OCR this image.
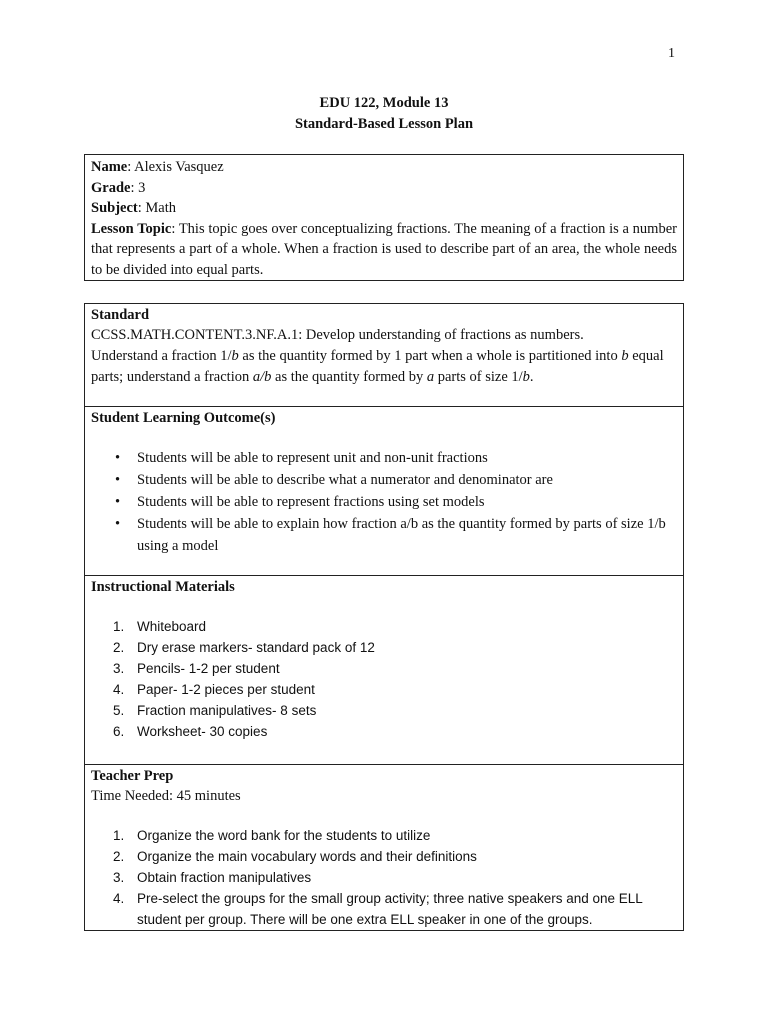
1
EDU 122, Module 13
Standard-Based Lesson Plan
Name: Alexis Vasquez
Grade: 3
Subject: Math
Lesson Topic: This topic goes over conceptualizing fractions. The meaning of a fraction is a number that represents a part of a whole. When a fraction is used to describe part of an area, the whole needs to be divided into equal parts.
Standard
CCSS.MATH.CONTENT.3.NF.A.1: Develop understanding of fractions as numbers.
Understand a fraction 1/b as the quantity formed by 1 part when a whole is partitioned into b equal parts; understand a fraction a/b as the quantity formed by a parts of size 1/b.
Student Learning Outcome(s)
• Students will be able to represent unit and non-unit fractions
• Students will be able to describe what a numerator and denominator are
• Students will be able to represent fractions using set models
• Students will be able to explain how fraction a/b as the quantity formed by parts of size 1/b using a model
Instructional Materials
1. Whiteboard
2. Dry erase markers- standard pack of 12
3. Pencils- 1-2 per student
4. Paper- 1-2 pieces per student
5. Fraction manipulatives- 8 sets
6. Worksheet- 30 copies
Teacher Prep
Time Needed: 45 minutes
1. Organize the word bank for the students to utilize
2. Organize the main vocabulary words and their definitions
3. Obtain fraction manipulatives
4. Pre-select the groups for the small group activity; three native speakers and one ELL student per group. There will be one extra ELL speaker in one of the groups.
